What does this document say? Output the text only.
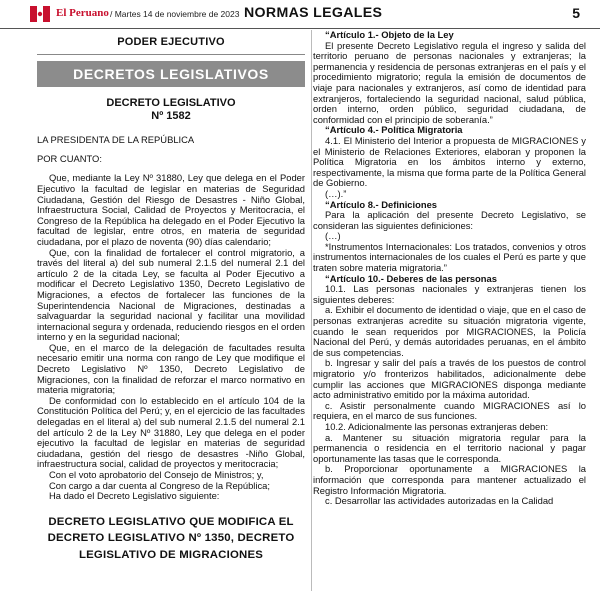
El Peruano / Martes 14 de noviembre de 2023 NORMAS LEGALES	5
PODER EJECUTIVO
DECRETOS LEGISLATIVOS
DECRETO LEGISLATIVO
Nº 1582

LA PRESIDENTA DE LA REPÚBLICA

POR CUANTO:

Que, mediante la Ley Nº 31880, Ley que delega en el Poder Ejecutivo la facultad de legislar en materias de Seguridad Ciudadana, Gestión del Riesgo de Desastres - Niño Global, Infraestructura Social, Calidad de Proyectos y Meritocracia, el Congreso de la República ha delegado en el Poder Ejecutivo la facultad de legislar, entre otros, en materia de seguridad ciudadana, por el plazo de noventa (90) días calendario;

Que, con la finalidad de fortalecer el control migratorio, a través del literal a) del sub numeral 2.1.5 del numeral 2.1 del artículo 2 de la citada Ley, se faculta al Poder Ejecutivo a modificar el Decreto Legislativo 1350, Decreto Legislativo de Migraciones, a efectos de fortalecer las funciones de la Superintendencia Nacional de Migraciones, destinadas a salvaguardar la seguridad nacional y facilitar una movilidad internacional segura y ordenada, reduciendo riesgos en el orden interno y en la seguridad nacional;

Que, en el marco de la delegación de facultades resulta necesario emitir una norma con rango de Ley que modifique el Decreto Legislativo Nº 1350, Decreto Legislativo de Migraciones, con la finalidad de reforzar el marco normativo en materia migratoria;

De conformidad con lo establecido en el artículo 104 de la Constitución Política del Perú; y, en el ejercicio de las facultades delegadas en el literal a) del sub numeral 2.1.5 del numeral 2.1 del artículo 2 de la Ley Nº 31880, Ley que delega en el poder ejecutivo la facultad de legislar en materias de seguridad ciudadana, gestión del riesgo de desastres -Niño Global, infraestructura social, calidad de proyectos y meritocracia;

Con el voto aprobatorio del Consejo de Ministros; y,

Con cargo a dar cuenta al Congreso de la República;

Ha dado el Decreto Legislativo siguiente:

DECRETO LEGISLATIVO QUE MODIFICA EL DECRETO LEGISLATIVO Nº 1350, DECRETO LEGISLATIVO DE MIGRACIONES

“Artículo 1.- Objeto de la Ley

El presente Decreto Legislativo regula el ingreso y salida del territorio peruano de personas nacionales y extranjeras; la permanencia y residencia de personas extranjeras en el país y el procedimiento migratorio; regula la emisión de documentos de viaje para nacionales y extranjeros, así como de identidad para extranjeros, fortaleciendo la seguridad nacional, salud pública, orden interno, orden público, seguridad ciudadana, de conformidad con el principio de soberanía.”

“Artículo 4.- Política Migratoria

4.1. El Ministerio del Interior a propuesta de MIGRACIONES y el Ministerio de Relaciones Exteriores, elaboran y proponen la Política Migratoria en los ámbitos interno y externo, respectivamente, la misma que forma parte de la Política General de Gobierno.

(…).”

“Artículo 8.- Definiciones

Para la aplicación del presente Decreto Legislativo, se consideran las siguientes definiciones:

(…)

*Instrumentos Internacionales: Los tratados, convenios y otros instrumentos internacionales de los cuales el Perú es parte y que traten sobre materia migratoria.”

“Artículo 10.- Deberes de las personas

10.1. Las personas nacionales y extranjeras tienen los siguientes deberes:

a. Exhibir el documento de identidad o viaje, que en el caso de personas extranjeras acredite su situación migratoria vigente, cuando le sean requeridos por MIGRACIONES, la Policía Nacional del Perú, y demás autoridades peruanas, en el ámbito de sus competencias.

b. Ingresar y salir del país a través de los puestos de control migratorio y/o fronterizos habilitados, adicionalmente debe cumplir las acciones que MIGRACIONES disponga mediante acto administrativo emitido por la máxima autoridad.

c. Asistir personalmente cuando MIGRACIONES así lo requiera, en el marco de sus funciones.

10.2. Adicionalmente las personas extranjeras deben:

a. Mantener su situación migratoria regular para la permanencia o residencia en el territorio nacional y pagar oportunamente las tasas que le corresponda.

b. Proporcionar oportunamente a MIGRACIONES la información que corresponda para mantener actualizado el Registro Información Migratoria.

c. Desarrollar las actividades autorizadas en la Calidad
